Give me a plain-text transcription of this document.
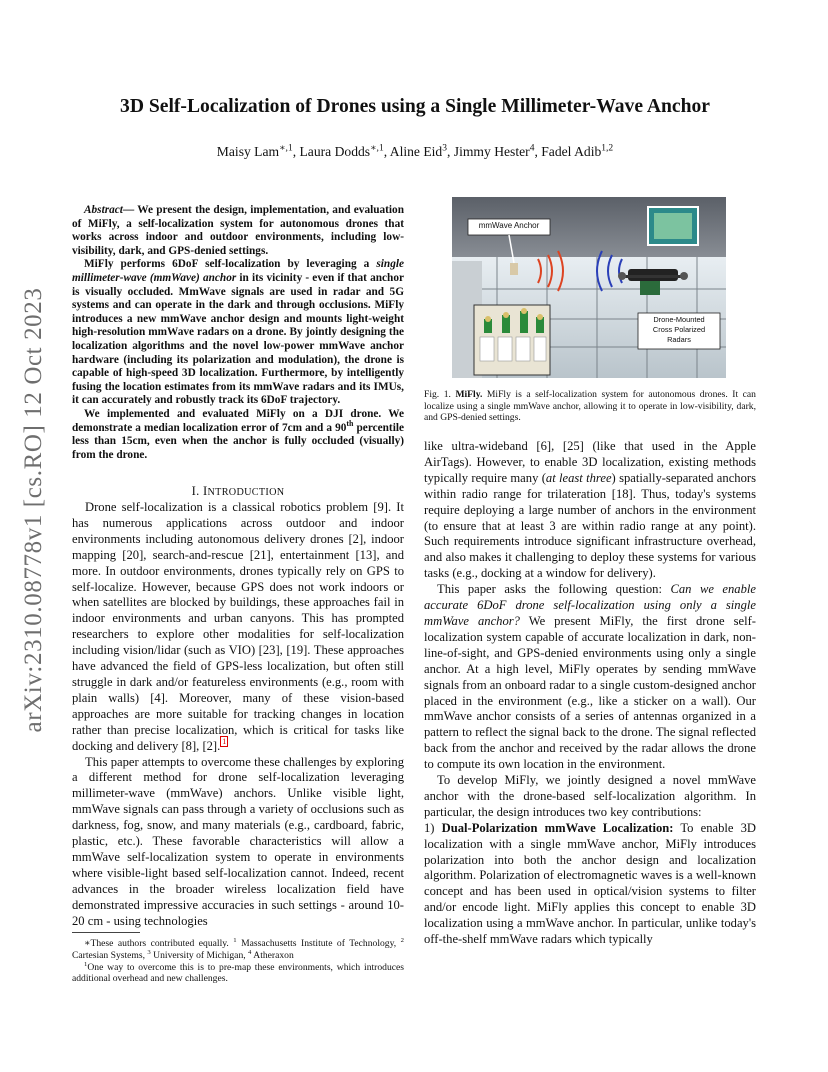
arXiv:2310.08778v1 [cs.RO] 12 Oct 2023
3D Self-Localization of Drones using a Single Millimeter-Wave Anchor
Maisy Lam$^{∗,1}$, Laura Dodds$^{∗,1}$, Aline Eid$^3$, Jimmy Hester$^4$, Fadel Adib$^{1,2}$

Abstract— We present the design, implementation, and evaluation of MiFly, a self-localization system for autonomous drones that works across indoor and outdoor environments, including low-visibility, dark, and GPS-denied settings.

MiFly performs 6DoF self-localization by leveraging a single millimeter-wave (mmWave) anchor in its vicinity - even if that anchor is visually occluded. MmWave signals are used in radar and 5G systems and can operate in the dark and through occlusions. MiFly introduces a new mmWave anchor design and mounts light-weight high-resolution mmWave radars on a drone. By jointly designing the localization algorithms and the novel low-power mmWave anchor hardware (including its polarization and modulation), the drone is capable of high-speed 3D localization. Furthermore, by intelligently fusing the location estimates from its mmWave radars and its IMUs, it can accurately and robustly track its 6DoF trajectory.

We implemented and evaluated MiFly on a DJI drone. We demonstrate a median localization error of 7cm and a 90th percentile less than 15cm, even when the anchor is fully occluded (visually) from the drone.

I. INTRODUCTION

Drone self-localization is a classical robotics problem [9]. It has numerous applications across outdoor and indoor environments including autonomous delivery drones [2], indoor mapping [20], search-and-rescue [21], entertainment [13], and more. In outdoor environments, drones typically rely on GPS to self-localize. However, because GPS does not work indoors or when satellites are blocked by buildings, these approaches fail in indoor environments and urban canyons. This has prompted researchers to explore other modalities for self-localization including vision/lidar (such as VIO) [23], [19]. These approaches have advanced the field of GPS-less localization, but often still struggle in dark and/or featureless environments (e.g., room with plain walls) [4]. Moreover, many of these vision-based approaches are more suitable for tracking changes in location rather than precise localization, which is critical for tasks like docking and delivery [8], [2]. $^1$

This paper attempts to overcome these challenges by exploring a different method for drone self-localization leveraging millimeter-wave (mmWave) anchors. Unlike visible light, mmWave signals can pass through a variety of occlusions such as darkness, fog, snow, and many materials (e.g., cardboard, fabric, plastic, etc.). These favorable characteristics will allow a mmWave self-localization system to operate in environments where visible-light based self-localization cannot. Indeed, recent advances in the broader wireless localization field have demonstrated impressive accuracies in such settings - around 10-20 cm - using technologies

∗These authors contributed equally. $^1$ Massachusetts Institute of Technology, $^2$ Cartesian Systems, $^3$ University of Michigan, $^4$ Atheraxon

$^1$One way to overcome this is to pre-map these environments, which introduces additional overhead and new challenges.

mmWave Anchor
Drone-Mounted
Cross Polarized
Radars
Fig. 1. MiFly. MiFly is a self-localization system for autonomous drones. It can localize using a single mmWave anchor, allowing it to operate in low-visibility, dark, and GPS-denied settings.

like ultra-wideband [6], [25] (like that used in the Apple AirTags). However, to enable 3D localization, existing methods typically require many (at least three) spatially-separated anchors within radio range for trilateration [18]. Thus, today's systems require deploying a large number of anchors in the environment (to ensure that at least 3 are within radio range at any point). Such requirements introduce significant infrastructure overhead, and also makes it challenging to deploy these systems for various tasks (e.g., docking at a window for delivery).

This paper asks the following question: Can we enable accurate 6DoF drone self-localization using only a single mmWave anchor? We present MiFly, the first drone self-localization system capable of accurate localization in dark, non-line-of-sight, and GPS-denied environments using only a single anchor. At a high level, MiFly operates by sending mmWave signals from an onboard radar to a single custom-designed anchor placed in the environment (e.g., like a sticker on a wall). Our mmWave anchor consists of a series of antennas organized in a pattern to reflect the signal back to the drone. The signal reflected back from the anchor and received by the radar allows the drone to compute its own location in the environment.

To develop MiFly, we jointly designed a novel mmWave anchor with the drone-based self-localization algorithm. In particular, the design introduces two key contributions:

1) Dual-Polarization mmWave Localization: To enable 3D localization with a single mmWave anchor, MiFly introduces polarization into both the anchor design and localization algorithm. Polarization of electromagnetic waves is a well-known concept and has been used in optical/vision systems to filter and/or encode light. MiFly applies this concept to enable 3D localization using a mmWave anchor. In particular, unlike today's off-the-shelf mmWave radars which typically
